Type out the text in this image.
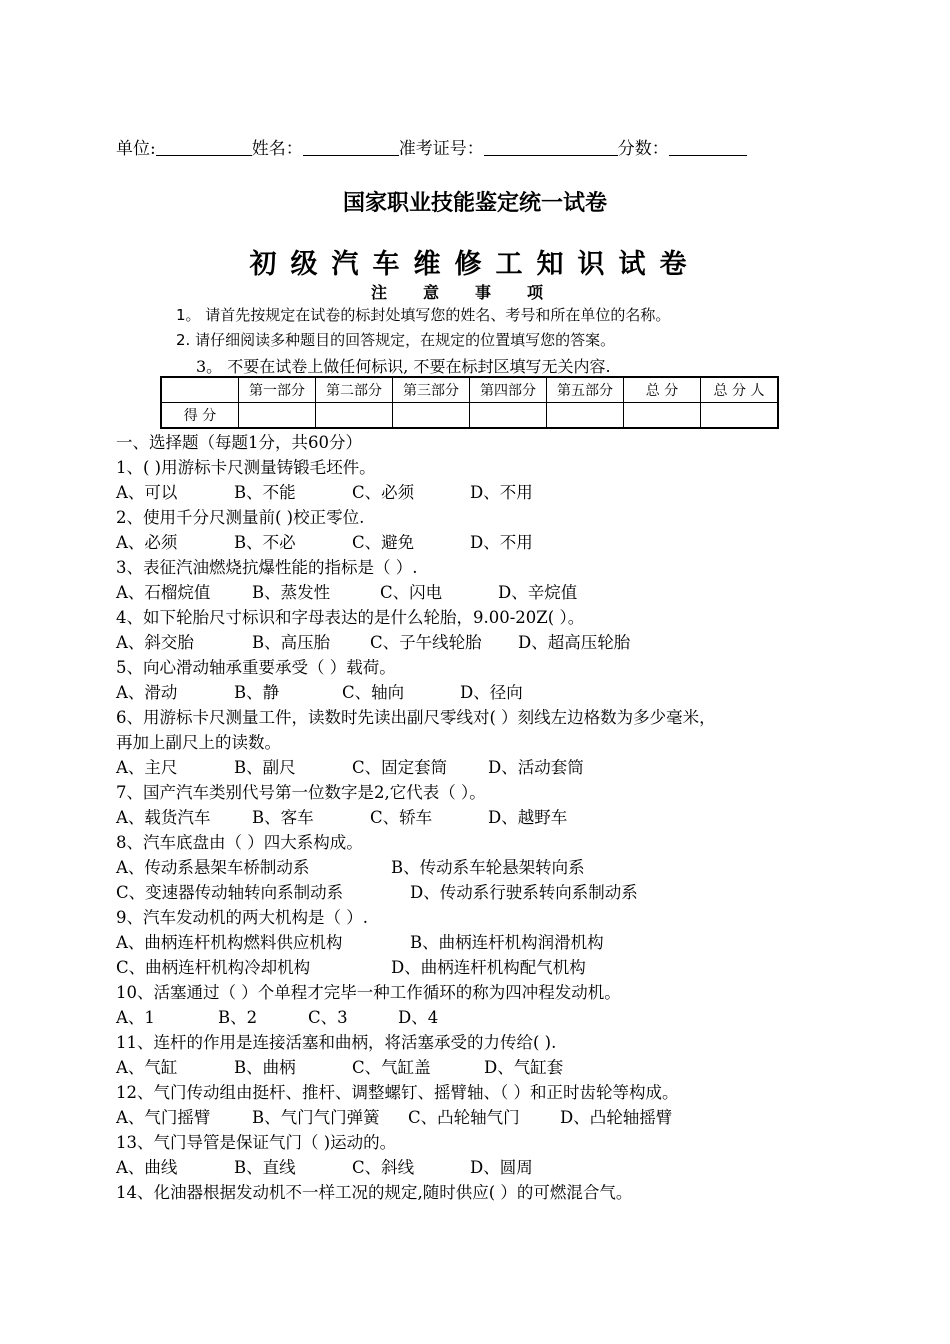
单位:	姓名：	准考证号：	分数：
国家职业技能鉴定统一试卷
初级汽车维修工知识试卷
注意事项
1。 请首先按规定在试卷的标封处填写您的姓名、考号和所在单位的名称。
2. 请仔细阅读多种题目的回答规定，在规定的位置填写您的答案。
3。 不要在试卷上做任何标识, 不要在标封区填写无关内容.
	第一部分	第二部分	第三部分	第四部分	第五部分	总 分	总 分 人
得 分							
一、选择题（每题1分，共60分）
1、( )用游标卡尺测量铸锻毛坯件。
A、可以	B、不能	C、必须	D、不用
2、使用千分尺测量前( )校正零位.
A、必须	B、不必	C、避免	D、不用
3、表征汽油燃烧抗爆性能的指标是（ ）.
A、石榴烷值	B、蒸发性	C、闪电	D、辛烷值
4、如下轮胎尺寸标识和字母表达的是什么轮胎，9.00-20Z( ）。
A、斜交胎	B、高压胎 C、子午线轮胎 D、超高压轮胎
5、向心滑动轴承重要承受（ ）载荷。
A、滑动	B、静	C、轴向	D、径向
6、用游标卡尺测量工件，读数时先读出副尺零线对( ）刻线左边格数为多少毫米，
再加上副尺上的读数。
A、主尺	B、副尺	C、固定套筒 D、活动套筒
7、国产汽车类别代号第一位数字是2,它代表（ ）。
A、载货汽车	B、客车	C、轿车	D、越野车
8、汽车底盘由（ ）四大系构成。
A、传动系悬架车桥制动系	B、传动系车轮悬架转向系
C、变速器传动轴转向系制动系	D、传动系行驶系转向系制动系
9、汽车发动机的两大机构是（ ）.
A、曲柄连杆机构燃料供应机构	B、曲柄连杆机构润滑机构
C、曲柄连杆机构冷却机构	D、曲柄连杆机构配气机构
10、活塞通过（ ）个单程才完毕一种工作循环的称为四冲程发动机。
A、1	B、2	C、3	D、4
11、连杆的作用是连接活塞和曲柄，将活塞承受的力传给( ).
A、气缸	B、曲柄	C、气缸盖	D、气缸套
12、气门传动组由挺杆、推杆、调整螺钉、摇臂轴、（ ）和正时齿轮等构成。
A、气门摇臂	B、气门气门弹簧 C、凸轮轴气门 D、凸轮轴摇臂
13、气门导管是保证气门（ )运动的。
A、曲线	B、直线	C、斜线	D、圆周
14、化油器根据发动机不一样工况的规定,随时供应( ）的可燃混合气。
